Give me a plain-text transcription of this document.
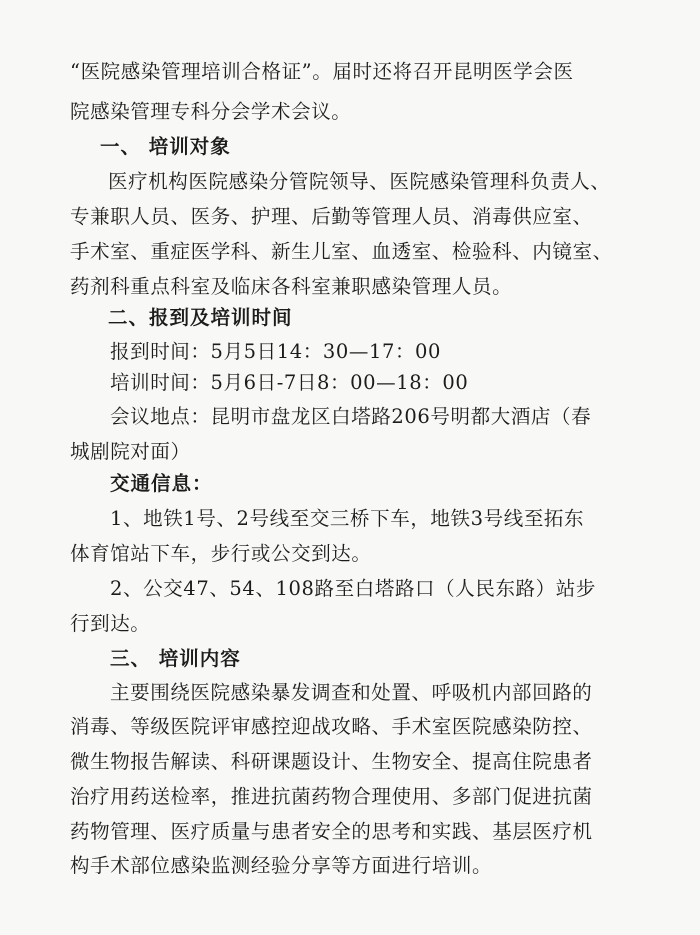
“医院感染管理培训合格证”。届时还将召开昆明医学会医
院感染管理专科分会学术会议。
一、 培训对象
医疗机构医院感染分管院领导、医院感染管理科负责人、
专兼职人员、医务、护理、后勤等管理人员、消毒供应室、
手术室、重症医学科、新生儿室、血透室、检验科、内镜室、
药剂科重点科室及临床各科室兼职感染管理人员。
二、报到及培训时间
报到时间：5月5日14：30—17：00
培训时间：5月6日-7日8：00—18：00
会议地点：昆明市盘龙区白塔路206号明都大酒店（春
城剧院对面）
交通信息：
1、地铁1号、2号线至交三桥下车，地铁3号线至拓东
体育馆站下车，步行或公交到达。
2、公交47、54、108路至白塔路口（人民东路）站步
行到达。
三、 培训内容
主要围绕医院感染暴发调查和处置、呼吸机内部回路的
消毒、等级医院评审感控迎战攻略、手术室医院感染防控、
微生物报告解读、科研课题设计、生物安全、提高住院患者
治疗用药送检率，推进抗菌药物合理使用、多部门促进抗菌
药物管理、医疗质量与患者安全的思考和实践、基层医疗机
构手术部位感染监测经验分享等方面进行培训。
